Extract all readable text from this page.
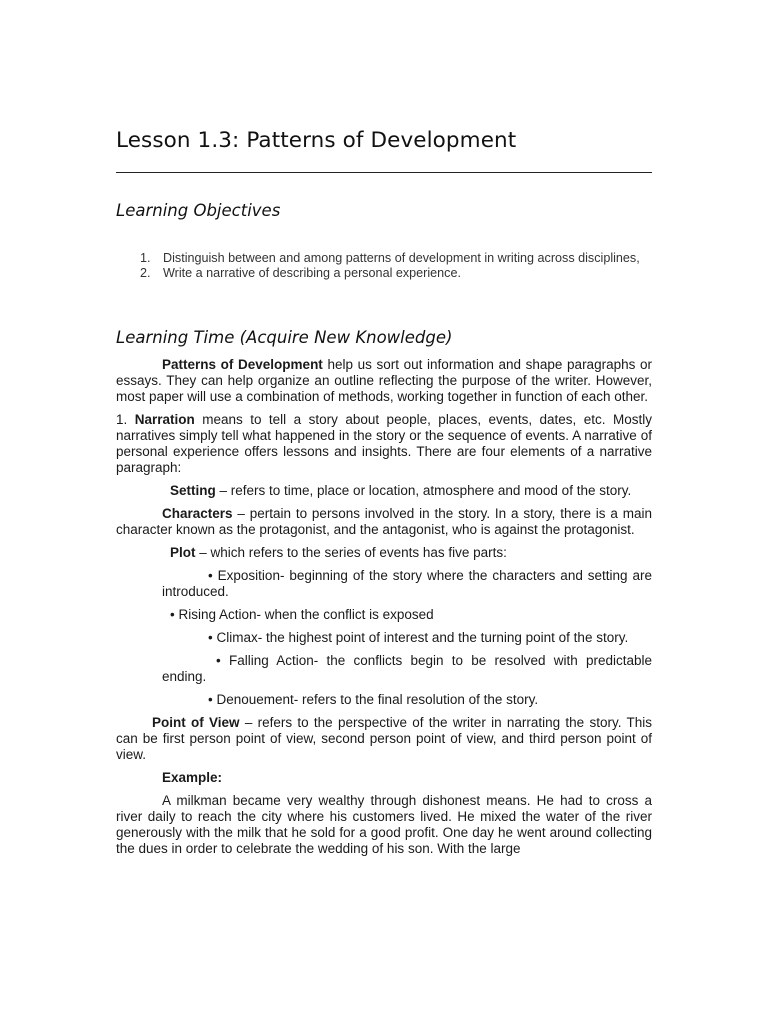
Lesson 1.3: Patterns of Development
Learning Objectives
1. Distinguish between and among patterns of development in writing across disciplines,
2. Write a narrative of describing a personal experience.
Learning Time (Acquire New Knowledge)

Patterns of Development help us sort out information and shape paragraphs or essays. They can help organize an outline reflecting the purpose of the writer. However, most paper will use a combination of methods, working together in function of each other.

1. Narration means to tell a story about people, places, events, dates, etc. Mostly narratives simply tell what happened in the story or the sequence of events. A narrative of personal experience offers lessons and insights. There are four elements of a narrative paragraph:

Setting – refers to time, place or location, atmosphere and mood of the story.

Characters – pertain to persons involved in the story. In a story, there is a main character known as the protagonist, and the antagonist, who is against the protagonist.

Plot – which refers to the series of events has five parts:

• Exposition- beginning of the story where the characters and setting are introduced.

• Rising Action- when the conflict is exposed

• Climax- the highest point of interest and the turning point of the story.

• Falling Action- the conflicts begin to be resolved with predictable ending.

• Denouement- refers to the final resolution of the story.

Point of View – refers to the perspective of the writer in narrating the story. This can be first person point of view, second person point of view, and third person point of view.

Example:

A milkman became very wealthy through dishonest means. He had to cross a river daily to reach the city where his customers lived. He mixed the water of the river generously with the milk that he sold for a good profit. One day he went around collecting the dues in order to celebrate the wedding of his son. With the large
